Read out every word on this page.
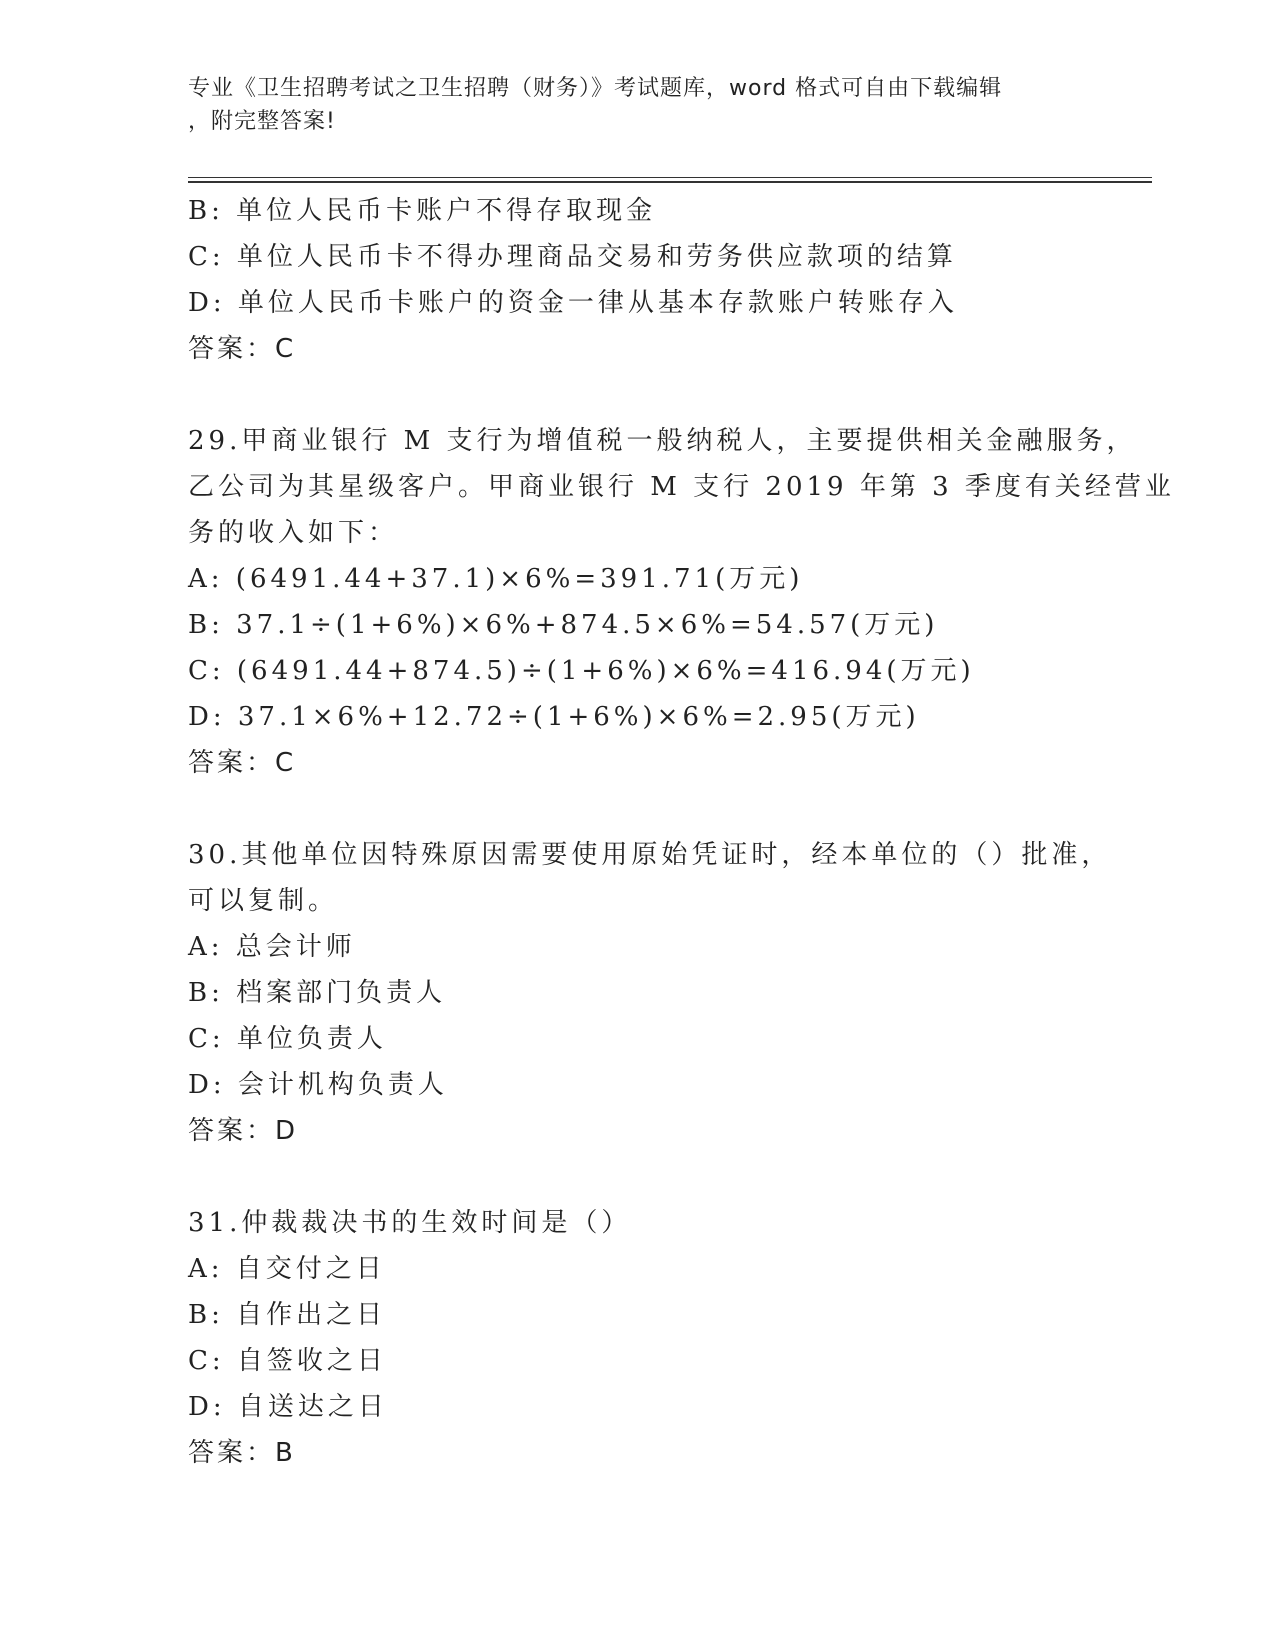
专业《卫生招聘考试之卫生招聘（财务）》考试题库，word 格式可自由下载编辑
，附完整答案!
B: 单位人民币卡账户不得存取现金
C: 单位人民币卡不得办理商品交易和劳务供应款项的结算
D: 单位人民币卡账户的资金一律从基本存款账户转账存入
答案：C
29.甲商业银行 M 支行为增值税一般纳税人，主要提供相关金融服务，
乙公司为其星级客户。甲商业银行 M 支行 2019 年第 3 季度有关经营业
务的收入如下：
A: (6491.44+37.1)×6%=391.71(万元)
B: 37.1÷(1+6%)×6%+874.5×6%=54.57(万元)
C: (6491.44+874.5)÷(1+6%)×6%=416.94(万元)
D: 37.1×6%+12.72÷(1+6%)×6%=2.95(万元)
答案：C
30.其他单位因特殊原因需要使用原始凭证时，经本单位的（）批准，
可以复制。
A: 总会计师
B: 档案部门负责人
C: 单位负责人
D: 会计机构负责人
答案：D
31.仲裁裁决书的生效时间是（）
A: 自交付之日
B: 自作出之日
C: 自签收之日
D: 自送达之日
答案：B
